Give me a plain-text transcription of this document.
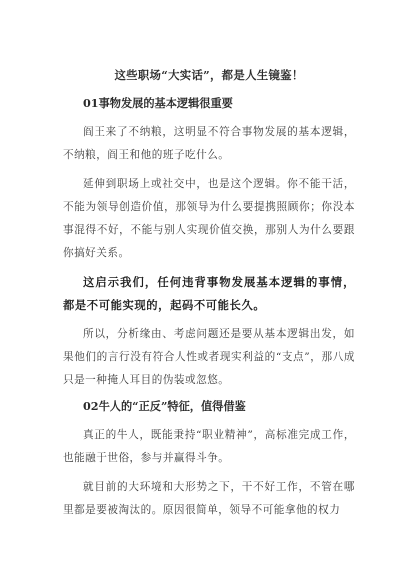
这些职场“大实话”，都是人生镜鉴！
01事物发展的基本逻辑很重要

阎王来了不纳粮，这明显不符合事物发展的基本逻辑，不纳粮，阎王和他的班子吃什么。

延伸到职场上或社交中，也是这个逻辑。你不能干活，不能为领导创造价值，那领导为什么要提携照顾你；你没本事混得不好，不能与别人实现价值交换，那别人为什么要跟你搞好关系。

这启示我们，任何违背事物发展基本逻辑的事情，都是不可能实现的，起码不可能长久。

所以，分析缘由、考虑问题还是要从基本逻辑出发，如果他们的言行没有符合人性或者现实利益的“支点”，那八成只是一种掩人耳目的伪装或忽悠。

02牛人的“正反”特征，值得借鉴

真正的牛人，既能秉持“职业精神”，高标准完成工作，也能融于世俗，参与并赢得斗争。

就目前的大环境和大形势之下，干不好工作，不管在哪里都是要被淘汰的。原因很简单，领导不可能拿他的权力
